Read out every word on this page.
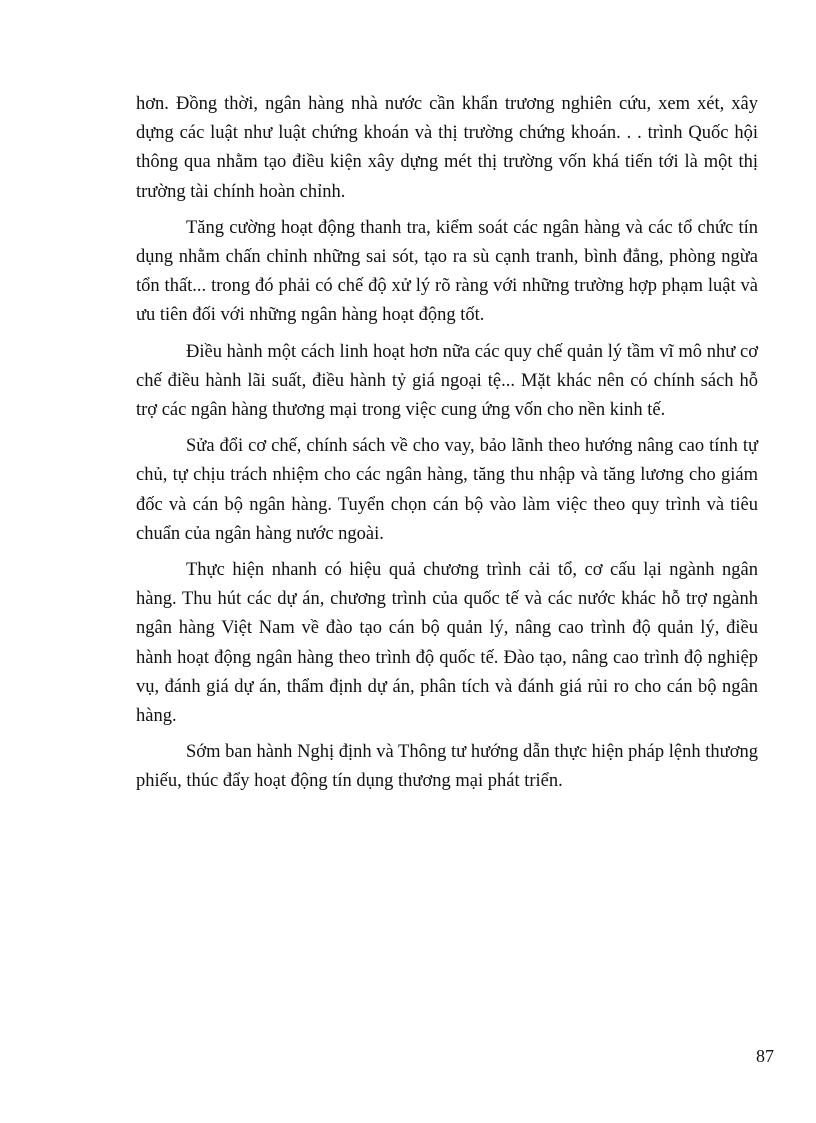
hơn. Đồng thời, ngân hàng nhà nước cần khẩn trương nghiên cứu, xem xét, xây dựng các luật như luật chứng khoán và thị trường chứng khoán. . . trình Quốc hội thông qua nhằm tạo điều kiện xây dựng mét thị trường vốn khá tiến tới là một thị trường tài chính hoàn chỉnh.

Tăng cường hoạt động thanh tra, kiểm soát các ngân hàng và các tổ chức tín dụng nhằm chấn chỉnh những sai sót, tạo ra sù cạnh tranh, bình đẳng, phòng ngừa tổn thất... trong đó phải có chế độ xử lý rõ ràng với những trường hợp phạm luật và ưu tiên đối với những ngân hàng hoạt động tốt.

Điều hành một cách linh hoạt hơn nữa các quy chế quản lý tầm vĩ mô như cơ chế điều hành lãi suất, điều hành tỷ giá ngoại tệ... Mặt khác nên có chính sách hỗ trợ các ngân hàng thương mại trong việc cung ứng vốn cho nền kinh tế.

Sửa đổi cơ chế, chính sách về cho vay, bảo lãnh theo hướng nâng cao tính tự chủ, tự chịu trách nhiệm cho các ngân hàng, tăng thu nhập và tăng lương cho giám đốc và cán bộ ngân hàng. Tuyển chọn cán bộ vào làm việc theo quy trình và tiêu chuẩn của ngân hàng nước ngoài.

Thực hiện nhanh có hiệu quả chương trình cải tổ, cơ cấu lại ngành ngân hàng. Thu hút các dự án, chương trình của quốc tế và các nước khác hỗ trợ ngành ngân hàng Việt Nam về đào tạo cán bộ quản lý, nâng cao trình độ quản lý, điều hành hoạt động ngân hàng theo trình độ quốc tế. Đào tạo, nâng cao trình độ nghiệp vụ, đánh giá dự án, thẩm định dự án, phân tích và đánh giá rủi ro cho cán bộ ngân hàng.

Sớm ban hành Nghị định và Thông tư hướng dẫn thực hiện pháp lệnh thương phiếu, thúc đẩy hoạt động tín dụng thương mại phát triển.

87
